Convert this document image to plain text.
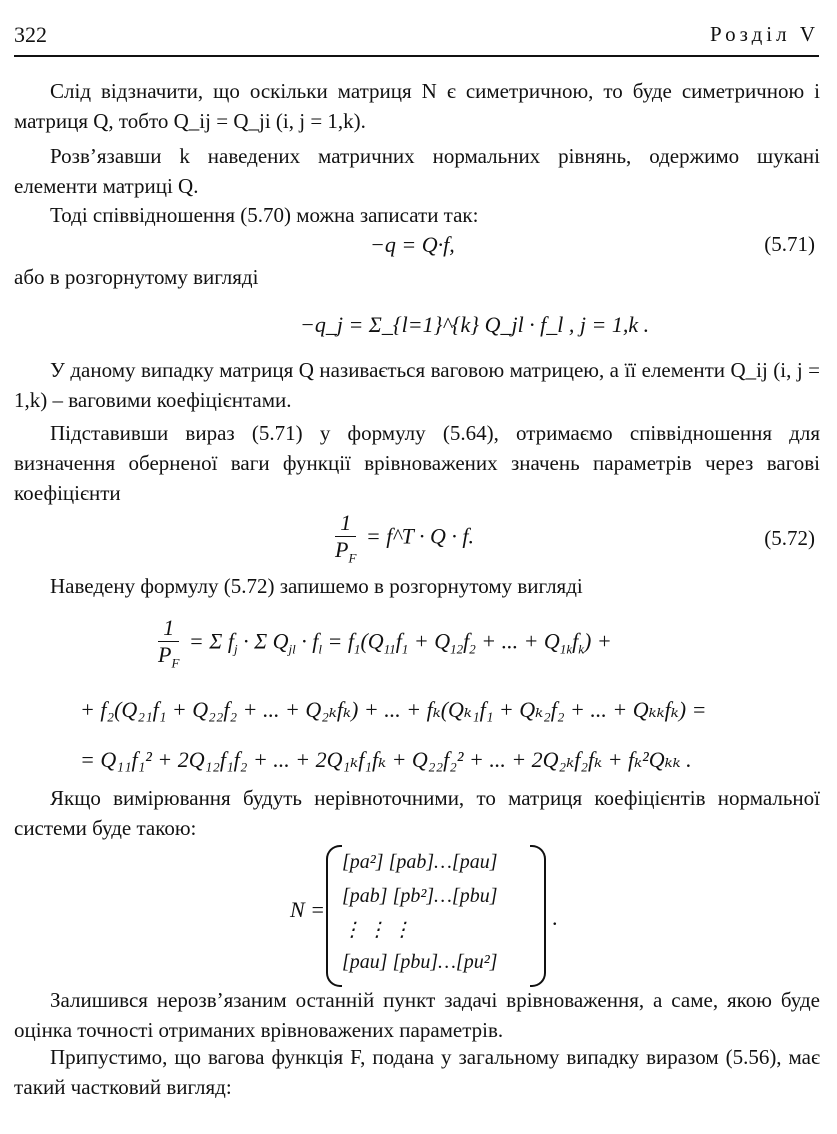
322	Розділ V

Слід відзначити, що оскільки матриця N є симетричною, то буде симетричною і матриця Q, тобто Q_ij = Q_ji (i, j = 1,k).

Розв’язавши k наведених матричних нормальних рівнянь, одержимо шукані елементи матриці Q.

Тоді співвідношення (5.70) можна записати так:

−q = Q·f,	(5.71)

або в розгорнутому вигляді

−q_j = Σ_{l=1}^{k} Q_jl · f_l , j = 1,k .

У даному випадку матриця Q називається ваговою матрицею, а її елементи Q_ij (i, j = 1,k) – ваговими коефіцієнтами.

Підставивши вираз (5.71) у формулу (5.64), отримаємо співвідношення для визначення оберненої ваги функції врівноважених значень параметрів через вагові коефіцієнти

$\frac{1}{P_F}$ = f^T · Q · f.	(5.72)

Наведену формулу (5.72) запишемо в розгорнутому вигляді

$\frac{1}{P_F} = \Sigma$ $f_j \cdot \Sigma$ $Q_{jl} \cdot f_l = f_1(Q_{11}f_1 + Q_{12}f_2$ + ... + $Q_{1k}f_k$) +
+ f₂(Q₂₁f₁ + Q₂₂f₂ + ... + Q₂ₖfₖ) + ... + fₖ(Qₖ₁f₁ + Qₖ₂f₂ + ... + Qₖₖfₖ) =
= Q₁₁f₁² + 2Q₁₂f₁f₂ + ... + 2Q₁ₖf₁fₖ + Q₂₂f₂² + ... + 2Q₂ₖf₂fₖ + fₖ²Qₖₖ .

Якщо вимірювання будуть нерівноточними, то матриця коефіцієнтів нормальної системи буде такою:

N =
[pa²] [pab]…[pau]
[pab] [pb²]…[pbu]
⋮ ⋮ ⋮
[pau] [pbu]…[pu²]
.

Залишився нерозв’язаним останній пункт задачі врівноваження, а саме, якою буде оцінка точності отриманих врівноважених параметрів.

Припустимо, що вагова функція F, подана у загальному випадку виразом (5.56), має такий частковий вигляд:
